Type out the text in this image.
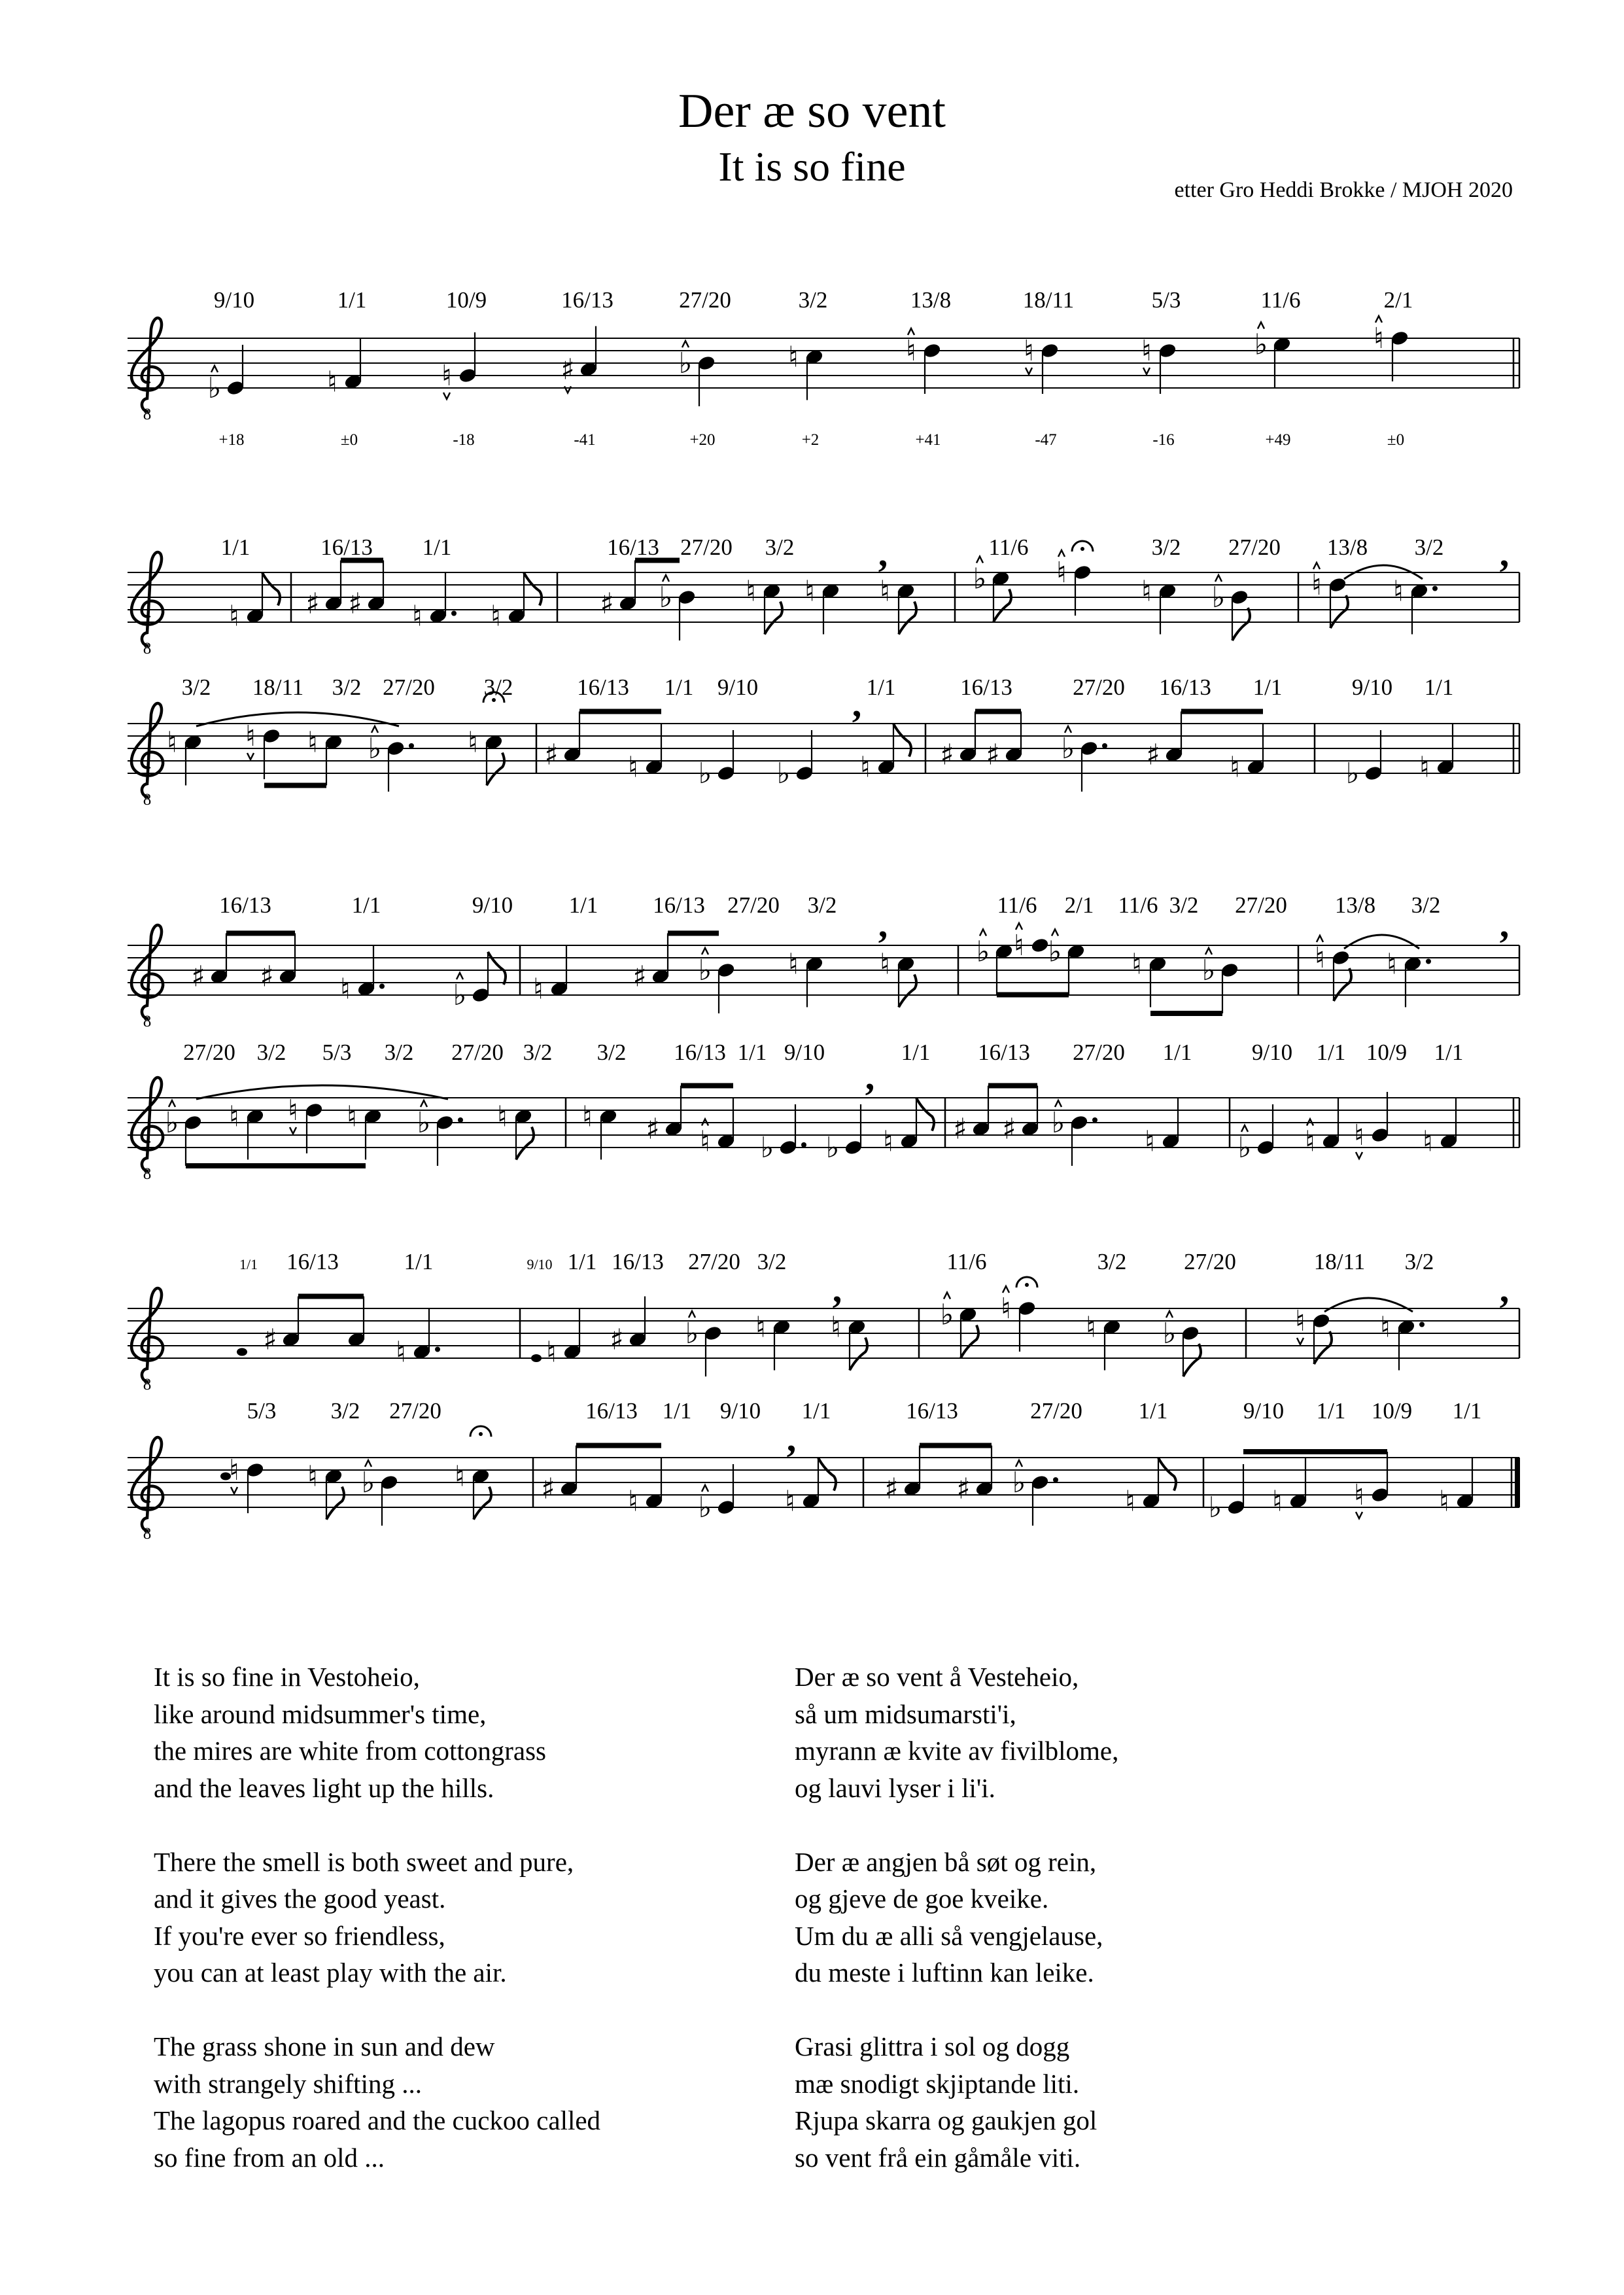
Der æ so vent
It is so fine
etter Gro Heddi Brokke / MJOH 2020
8
♭	♮	♮	♯	♭	♮	♮	♮	♮	♭	♮
9/10	1/1	10/9	16/13	27/20	3/2	13/8	18/11	5/3	11/6	2/1
+18	±0	-18	-41	+20	+2	+41	-47	-16	+49	±0
8
♮ ♯ ♯ ♮ ♮	♯ ♭	♮ ♮ ♮
,
♭ ♮
♮ ♭	♮ ♮
,
1/1	16/13 1/1	16/13 27/20 3/2	11/6	3/2 27/20 13/8 3/2
8
♮ ♮ ♮ ♭	♮ ♯ ♮ ♭ ♭
,
♮ ♯ ♯ ♭ ♯ ♮	♭ ♮
3/2 18/11 3/2 27/20 3/2	16/13 1/1 9/10	1/1	16/13	27/20 16/13 1/1	9/10 1/1
8
♯ ♯ ♮	♭ ♮	♯ ♭	♮
,
♮	♭ ♭
♮
♮ ♭	♮ ♮
,
16/13	1/1	9/10 1/1 16/13 27/20 3/2	11/6 2/1 11/6 3/2 27/20 13/8 3/2
8
♭ ♮ ♮ ♮ ♭ ♮	♮ ♯ ♮ ♭
,
♭ ♮ ♯ ♯ ♭
♮	♭ ♮ ♮ ♮
27/20 3/2 5/3 3/2 27/20 3/2 3/2 16/13 1/1 9/10	1/1 16/13 27/20 1/1	9/10 1/1 10/9 1/1
8
♯	♮	♮ ♯ ♭ ♮
,
♮	♭ ♮
♮ ♭	♮	♮
,
16/13	1/1	1/1 16/13 27/20 3/2	11/6	3/2	27/20	18/11 3/2
1/1	9/10
8
♮ ♮ ♭	♮	♯	♮ ♭
,
♮	♯ ♯ ♭
♮	♭ ♮ ♮	♮
5/3 3/2 27/20	16/13 1/1 9/10 1/1	16/13	27/20 1/1	9/10 1/1 10/9 1/1
It is so fine in Vestoheio,
like around midsummer's time,
the mires are white from cottongrass
and the leaves light up the hills.
There the smell is both sweet and pure,
and it gives the good yeast.
If you're ever so friendless,
you can at least play with the air.
The grass shone in sun and dew
with strangely shifting ...
The lagopus roared and the cuckoo called
so fine from an old ...
Der æ so vent å Vesteheio,
så um midsumarsti'i,
myrann æ kvite av fivilblome,
og lauvi lyser i li'i.
Der æ angjen bå søt og rein,
og gjeve de goe kveike.
Um du æ alli så vengjelause,
du meste i luftinn kan leike.
Grasi glittra i sol og dogg
mæ snodigt skjiptande liti.
Rjupa skarra og gaukjen gol
so vent frå ein gåmåle viti.
